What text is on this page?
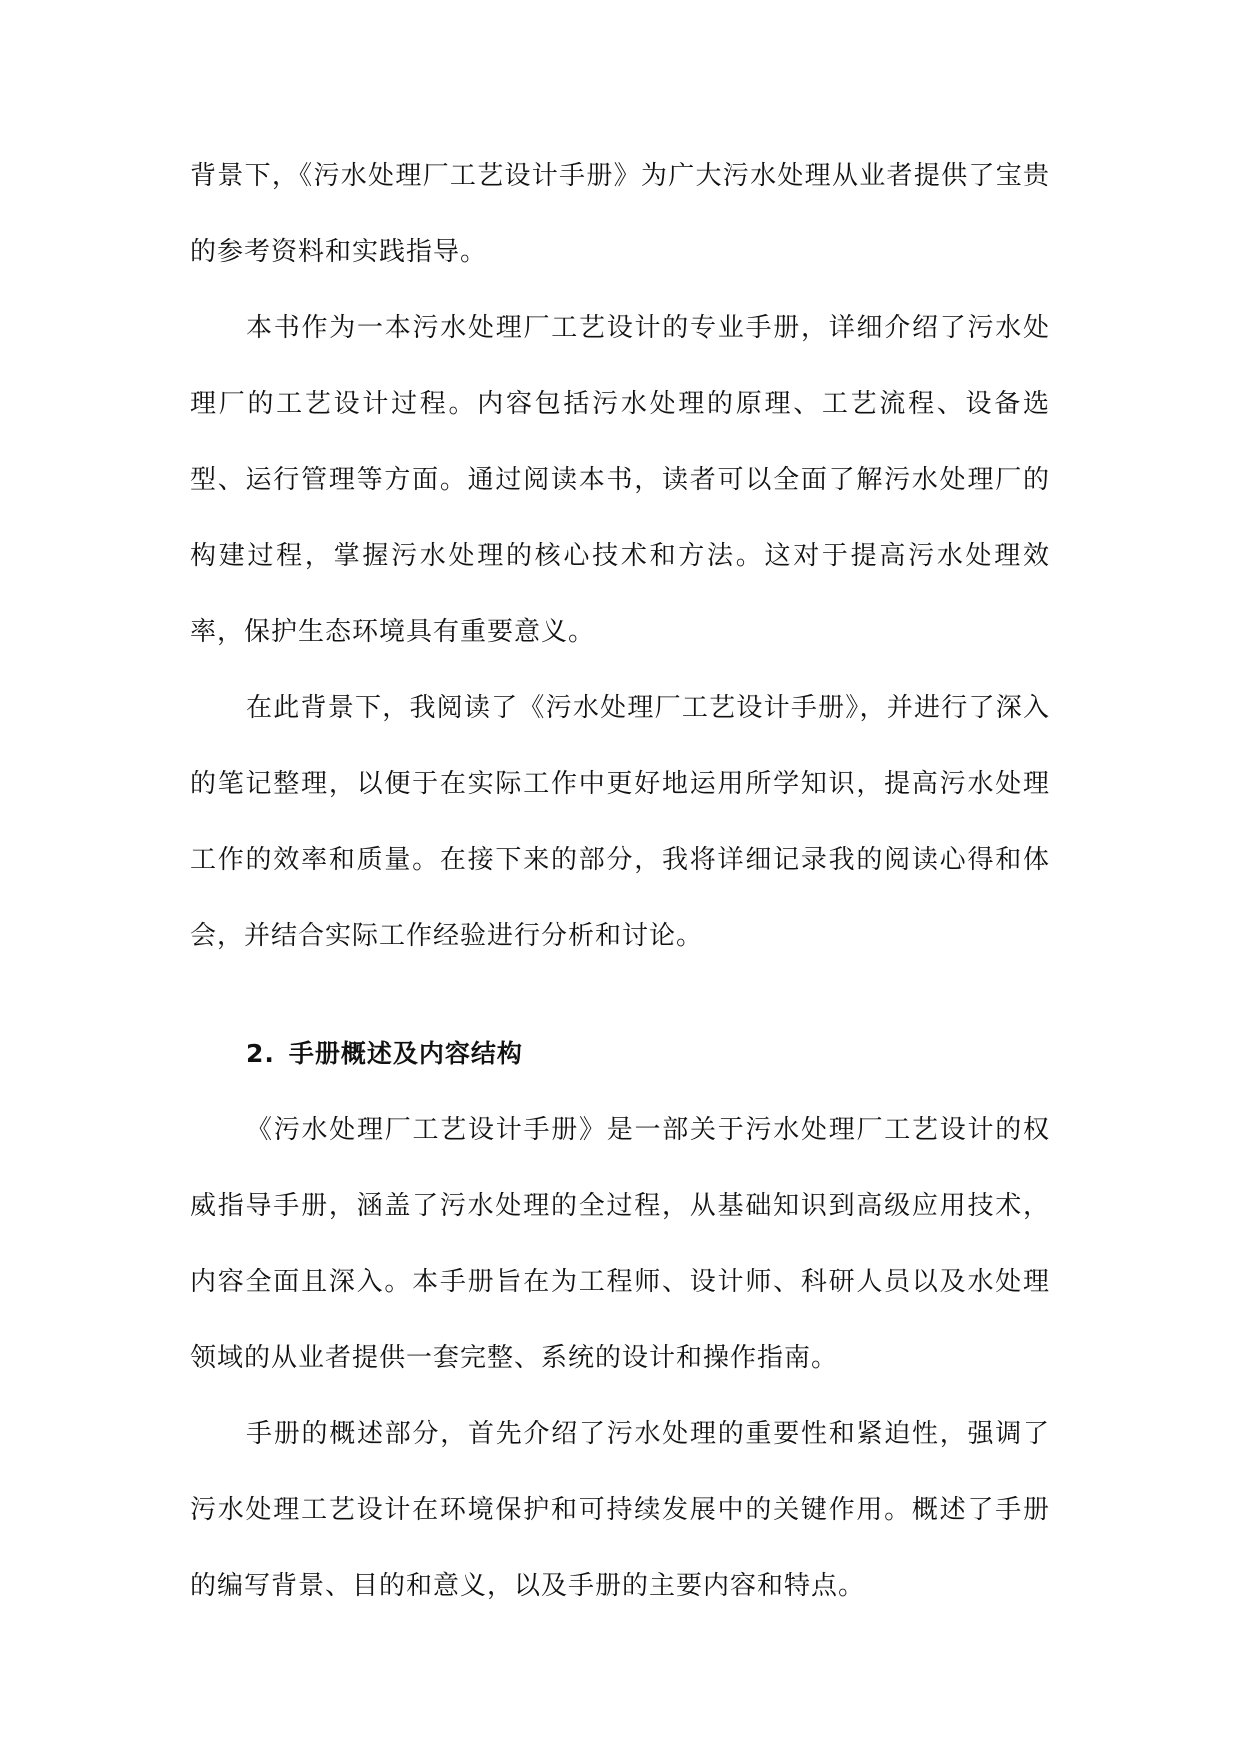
背景下，《污水处理厂工艺设计手册》为广大污水处理从业者提供了宝贵的参考资料和实践指导。

本书作为一本污水处理厂工艺设计的专业手册，详细介绍了污水处理厂的工艺设计过程。内容包括污水处理的原理、工艺流程、设备选型、运行管理等方面。通过阅读本书，读者可以全面了解污水处理厂的构建过程，掌握污水处理的核心技术和方法。这对于提高污水处理效率，保护生态环境具有重要意义。

在此背景下，我阅读了《污水处理厂工艺设计手册》，并进行了深入的笔记整理，以便于在实际工作中更好地运用所学知识，提高污水处理工作的效率和质量。在接下来的部分，我将详细记录我的阅读心得和体会，并结合实际工作经验进行分析和讨论。

2. 手册概述及内容结构

《污水处理厂工艺设计手册》是一部关于污水处理厂工艺设计的权威指导手册，涵盖了污水处理的全过程，从基础知识到高级应用技术，内容全面且深入。本手册旨在为工程师、设计师、科研人员以及水处理领域的从业者提供一套完整、系统的设计和操作指南。

手册的概述部分，首先介绍了污水处理的重要性和紧迫性，强调了污水处理工艺设计在环境保护和可持续发展中的关键作用。概述了手册的编写背景、目的和意义，以及手册的主要内容和特点。
